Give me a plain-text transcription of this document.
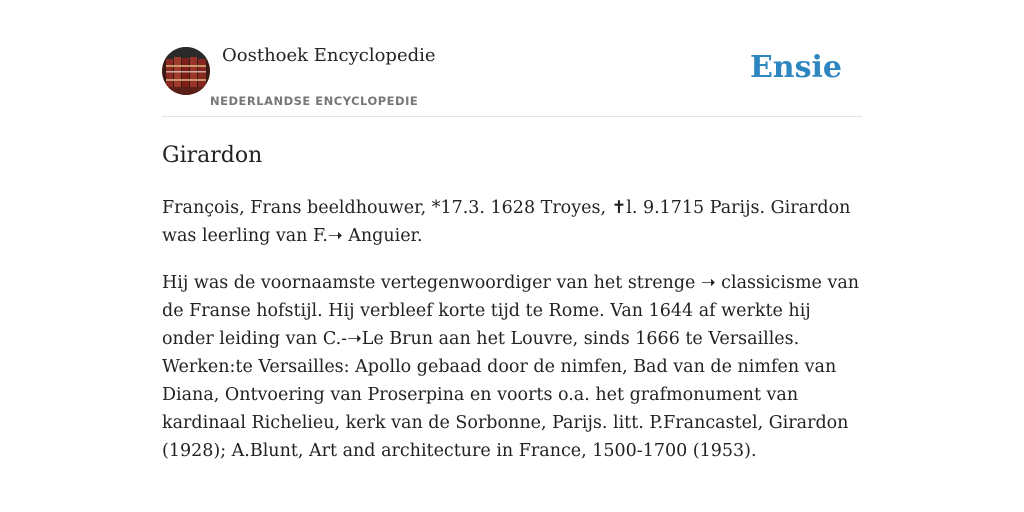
Oosthoek Encyclopedie
NEDERLANDSE ENCYCLOPEDIE
Ensie
Girardon

François, Frans beeldhouwer, *17.3. 1628 Troyes, ✝l. 9.1715 Parijs. Girardon was leerling van F.➝ Anguier.

Hij was de voornaamste vertegenwoordiger van het strenge ➝ classicisme van de Franse hofstijl. Hij verbleef korte tijd te Rome. Van 1644 af werkte hij onder leiding van C.-➝Le Brun aan het Louvre, sinds 1666 te Versailles. Werken:te Versailles: Apollo gebaad door de nimfen, Bad van de nimfen van Diana, Ontvoering van Proserpina en voorts o.a. het grafmonument van kardinaal Richelieu, kerk van de Sorbonne, Parijs. litt. P.Francastel, Girardon (1928); A.Blunt, Art and architecture in France, 1500-1700 (1953).
